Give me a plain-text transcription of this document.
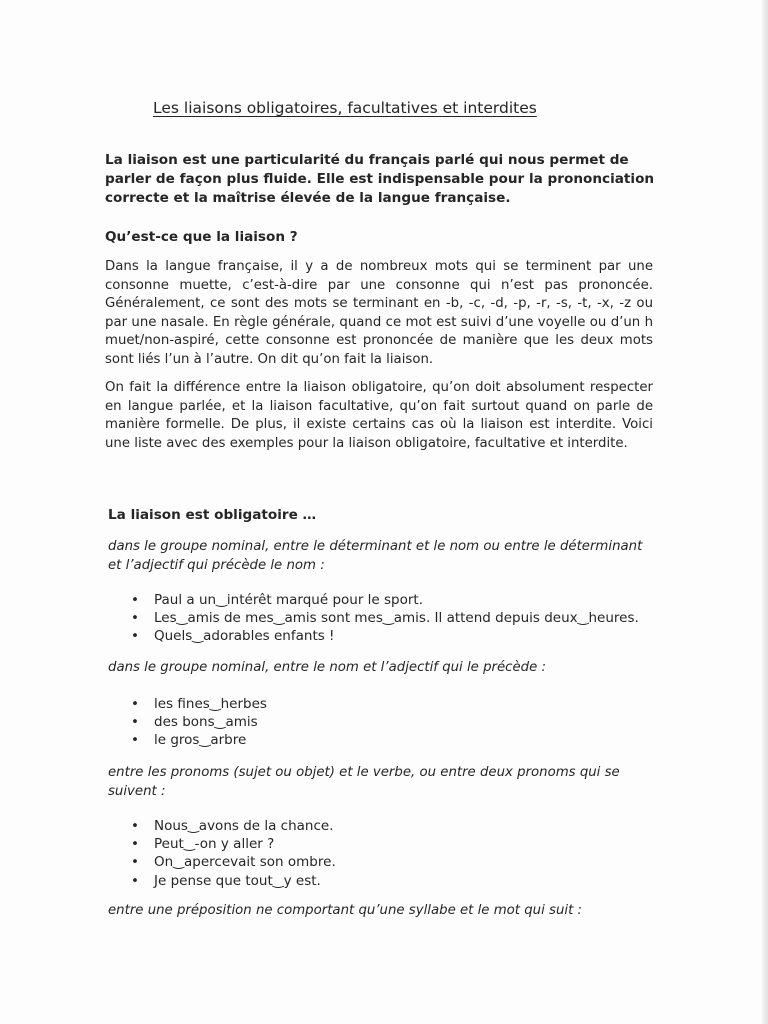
Les liaisons obligatoires, facultatives et interdites

La liaison est une particularité du français parlé qui nous permet de parler de façon plus fluide. Elle est indispensable pour la prononciation correcte et la maîtrise élevée de la langue française.

Qu’est-ce que la liaison ?

Dans la langue française, il y a de nombreux mots qui se terminent par une consonne muette, c’est-à-dire par une consonne qui n’est pas prononcée. Généralement, ce sont des mots se terminant en -b, -c, -d, -p, -r, -s, -t, -x, -z ou par une nasale. En règle générale, quand ce mot est suivi d’une voyelle ou d’un h muet/non-aspiré, cette consonne est prononcée de manière que les deux mots sont liés l’un à l’autre. On dit qu’on fait la liaison.

On fait la différence entre la liaison obligatoire, qu’on doit absolument respecter en langue parlée, et la liaison facultative, qu’on fait surtout quand on parle de manière formelle. De plus, il existe certains cas où la liaison est interdite. Voici une liste avec des exemples pour la liaison obligatoire, facultative et interdite.

La liaison est obligatoire …

dans le groupe nominal, entre le déterminant et le nom ou entre le déterminant et l’adjectif qui précède le nom :

• Paul a un‿intérêt marqué pour le sport.
• Les‿amis de mes‿amis sont mes‿amis. Il attend depuis deux‿heures.
• Quels‿adorables enfants !

dans le groupe nominal, entre le nom et l’adjectif qui le précède :

• les fines‿herbes
• des bons‿amis
• le gros‿arbre

entre les pronoms (sujet ou objet) et le verbe, ou entre deux pronoms qui se suivent :

• Nous‿avons de la chance.
• Peut‿-on y aller ?
• On‿apercevait son ombre.
• Je pense que tout‿y est.

entre une préposition ne comportant qu’une syllabe et le mot qui suit :
